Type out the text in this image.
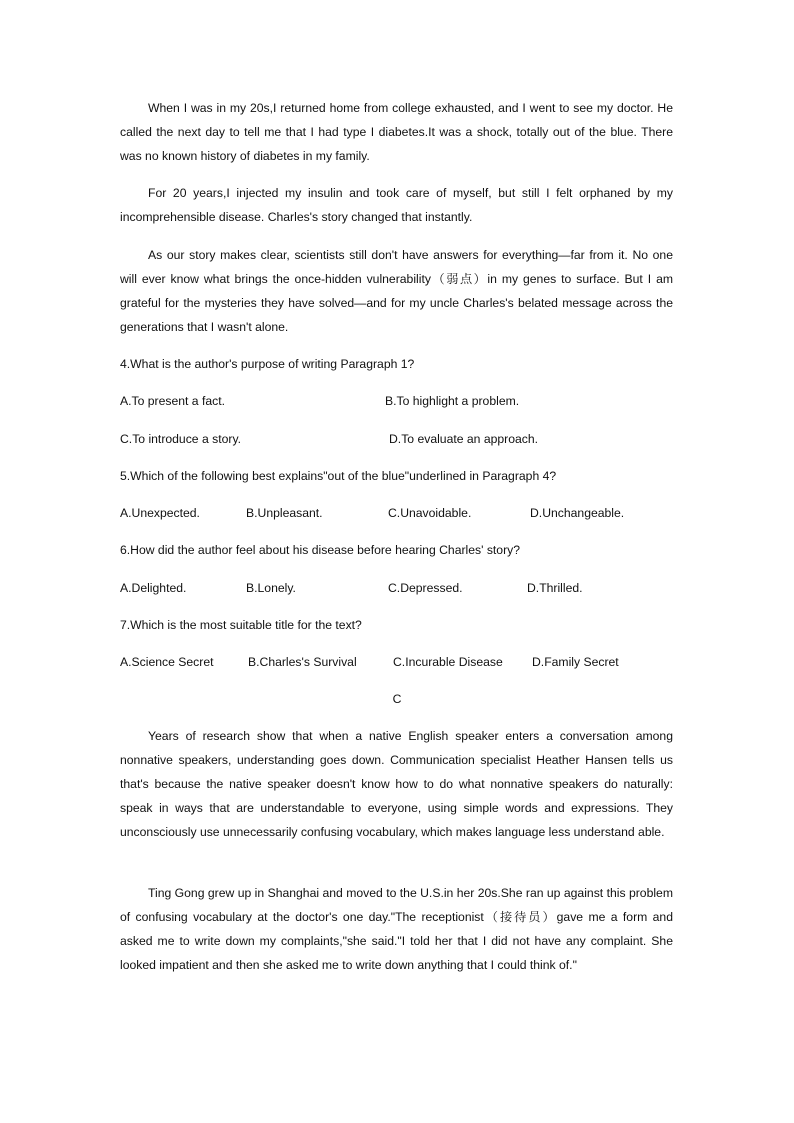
When I was in my 20s,I returned home from college exhausted, and I went to see my doctor. He called the next day to tell me that I had type I diabetes.It was a shock, totally out of the blue. There was no known history of diabetes in my family.

For 20 years,I injected my insulin and took care of myself, but still I felt orphaned by my incomprehensible disease. Charles's story changed that instantly.

As our story makes clear, scientists still don't have answers for everything—far from it. No one will ever know what brings the once-hidden vulnerability（弱点）in my genes to surface. But I am grateful for the mysteries they have solved—and for my uncle Charles's belated message across the generations that I wasn't alone.

4.What is the author's purpose of writing Paragraph 1?

A.To present a fact.	B.To highlight a problem.

C.To introduce a story.	D.To evaluate an approach.

5.Which of the following best explains"out of the blue"underlined in Paragraph 4?

A.Unexpected.	B.Unpleasant.	C.Unavoidable.	D.Unchangeable.

6.How did the author feel about his disease before hearing Charles' story?

A.Delighted.	B.Lonely.	C.Depressed.	D.Thrilled.

7.Which is the most suitable title for the text?

A.Science Secret	B.Charles's Survival	C.Incurable Disease D.Family Secret

C

Years of research show that when a native English speaker enters a conversation among nonnative speakers, understanding goes down. Communication specialist Heather Hansen tells us that's because the native speaker doesn't know how to do what nonnative speakers do naturally: speak in ways that are understandable to everyone, using simple words and expressions. They unconsciously use unnecessarily confusing vocabulary, which makes language less understand able.

Ting Gong grew up in Shanghai and moved to the U.S.in her 20s.She ran up against this problem of confusing vocabulary at the doctor's one day."The receptionist（接待员）gave me a form and asked me to write down my complaints,"she said."I told her that I did not have any complaint. She looked impatient and then she asked me to write down anything that I could think of."
